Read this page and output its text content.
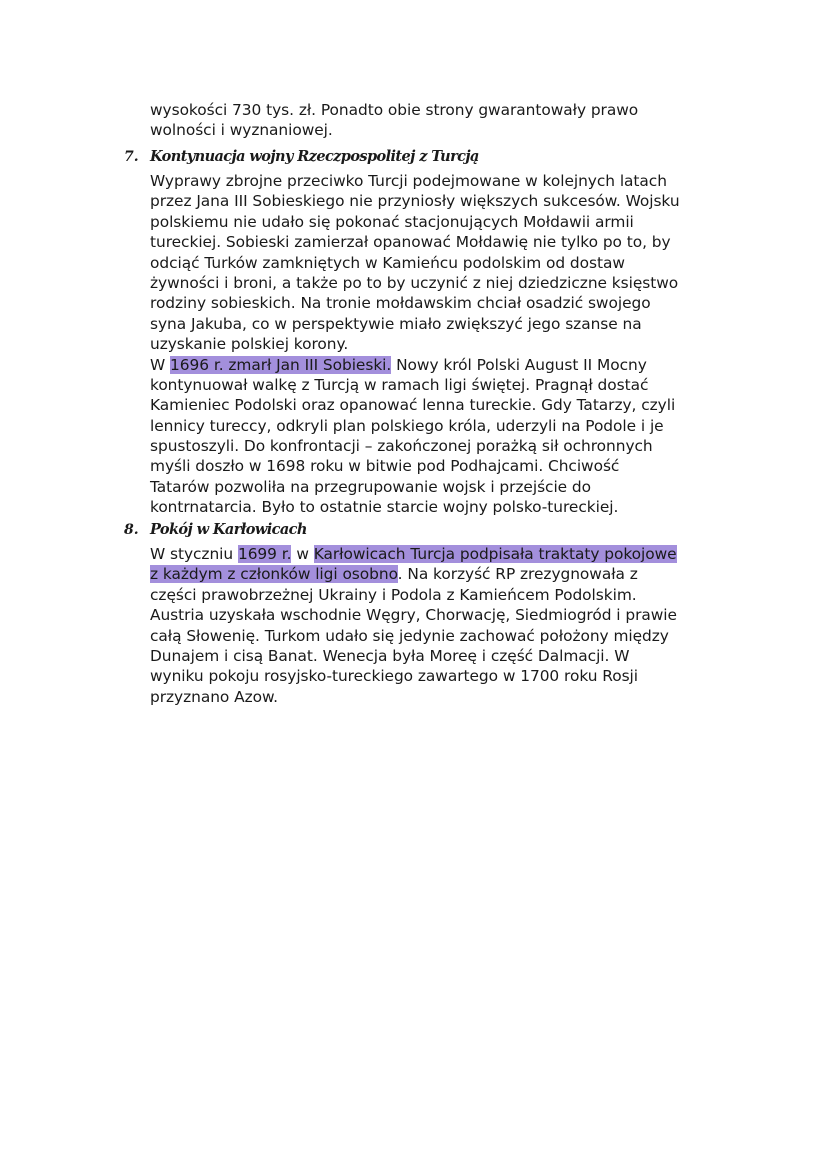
wysokości 730 tys. zł. Ponadto obie strony gwarantowały prawo
wolności i wyznaniowej.
7. Kontynuacja wojny Rzeczpospolitej z Turcją
Wyprawy zbrojne przeciwko Turcji podejmowane w kolejnych latach
przez Jana III Sobieskiego nie przyniosły większych sukcesów. Wojsku
polskiemu nie udało się pokonać stacjonujących Mołdawii armii
tureckiej. Sobieski zamierzał opanować Mołdawię nie tylko po to, by
odciąć Turków zamkniętych w Kamieńcu podolskim od dostaw
żywności i broni, a także po to by uczynić z niej dziedziczne księstwo
rodziny sobieskich. Na tronie mołdawskim chciał osadzić swojego
syna Jakuba, co w perspektywie miało zwiększyć jego szanse na
uzyskanie polskiej korony.
W 1696 r. zmarł Jan III Sobieski. Nowy król Polski August II Mocny
kontynuował walkę z Turcją w ramach ligi świętej. Pragnął dostać
Kamieniec Podolski oraz opanować lenna tureckie. Gdy Tatarzy, czyli
lennicy tureccy, odkryli plan polskiego króla, uderzyli na Podole i je
spustoszyli. Do konfrontacji – zakończonej porażką sił ochronnych
myśli doszło w 1698 roku w bitwie pod Podhajcami. Chciwość
Tatarów pozwoliła na przegrupowanie wojsk i przejście do
kontrnatarcia. Było to ostatnie starcie wojny polsko-tureckiej.
8. Pokój w Karłowicach
W styczniu 1699 r. w Karłowicach Turcja podpisała traktaty pokojowe
z każdym z członków ligi osobno. Na korzyść RP zrezygnowała z
części prawobrzeżnej Ukrainy i Podola z Kamieńcem Podolskim.
Austria uzyskała wschodnie Węgry, Chorwację, Siedmiogród i prawie
całą Słowenię. Turkom udało się jedynie zachować położony między
Dunajem i cisą Banat. Wenecja była Moreę i część Dalmacji. W
wyniku pokoju rosyjsko-tureckiego zawartego w 1700 roku Rosji
przyznano Azow.
